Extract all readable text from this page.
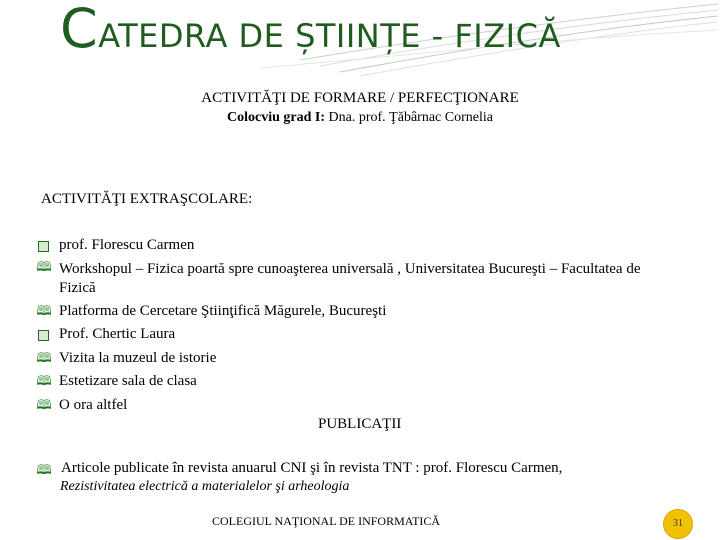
CATEDRA DE ȘTIINȚE - FIZICĂ
ACTIVITĂŢI DE FORMARE / PERFECŢIONARE
Colocviu grad I: Dna. prof. Ţăbârnac Cornelia
ACTIVITĂŢI EXTRAŞCOLARE:
prof. Florescu Carmen
🕮 Workshopul – Fizica poartă spre cunoaşterea universală , Universitatea Bucureşti – Facultatea de Fizică
🕮 Platforma de Cercetare Ştiinţifică Măgurele, Bucureşti
Prof. Chertic Laura
🕮 Vizita la muzeul de istorie
🕮 Estetizare sala de clasa
🕮 O ora altfel
PUBLICAŢII
🕮 Articole publicate în revista anuarul CNI şi în revista TNT : prof. Florescu Carmen,
Rezistivitatea electrică a materialelor şi arheologia
COLEGIUL NAŢIONAL DE INFORMATICĂ	31
